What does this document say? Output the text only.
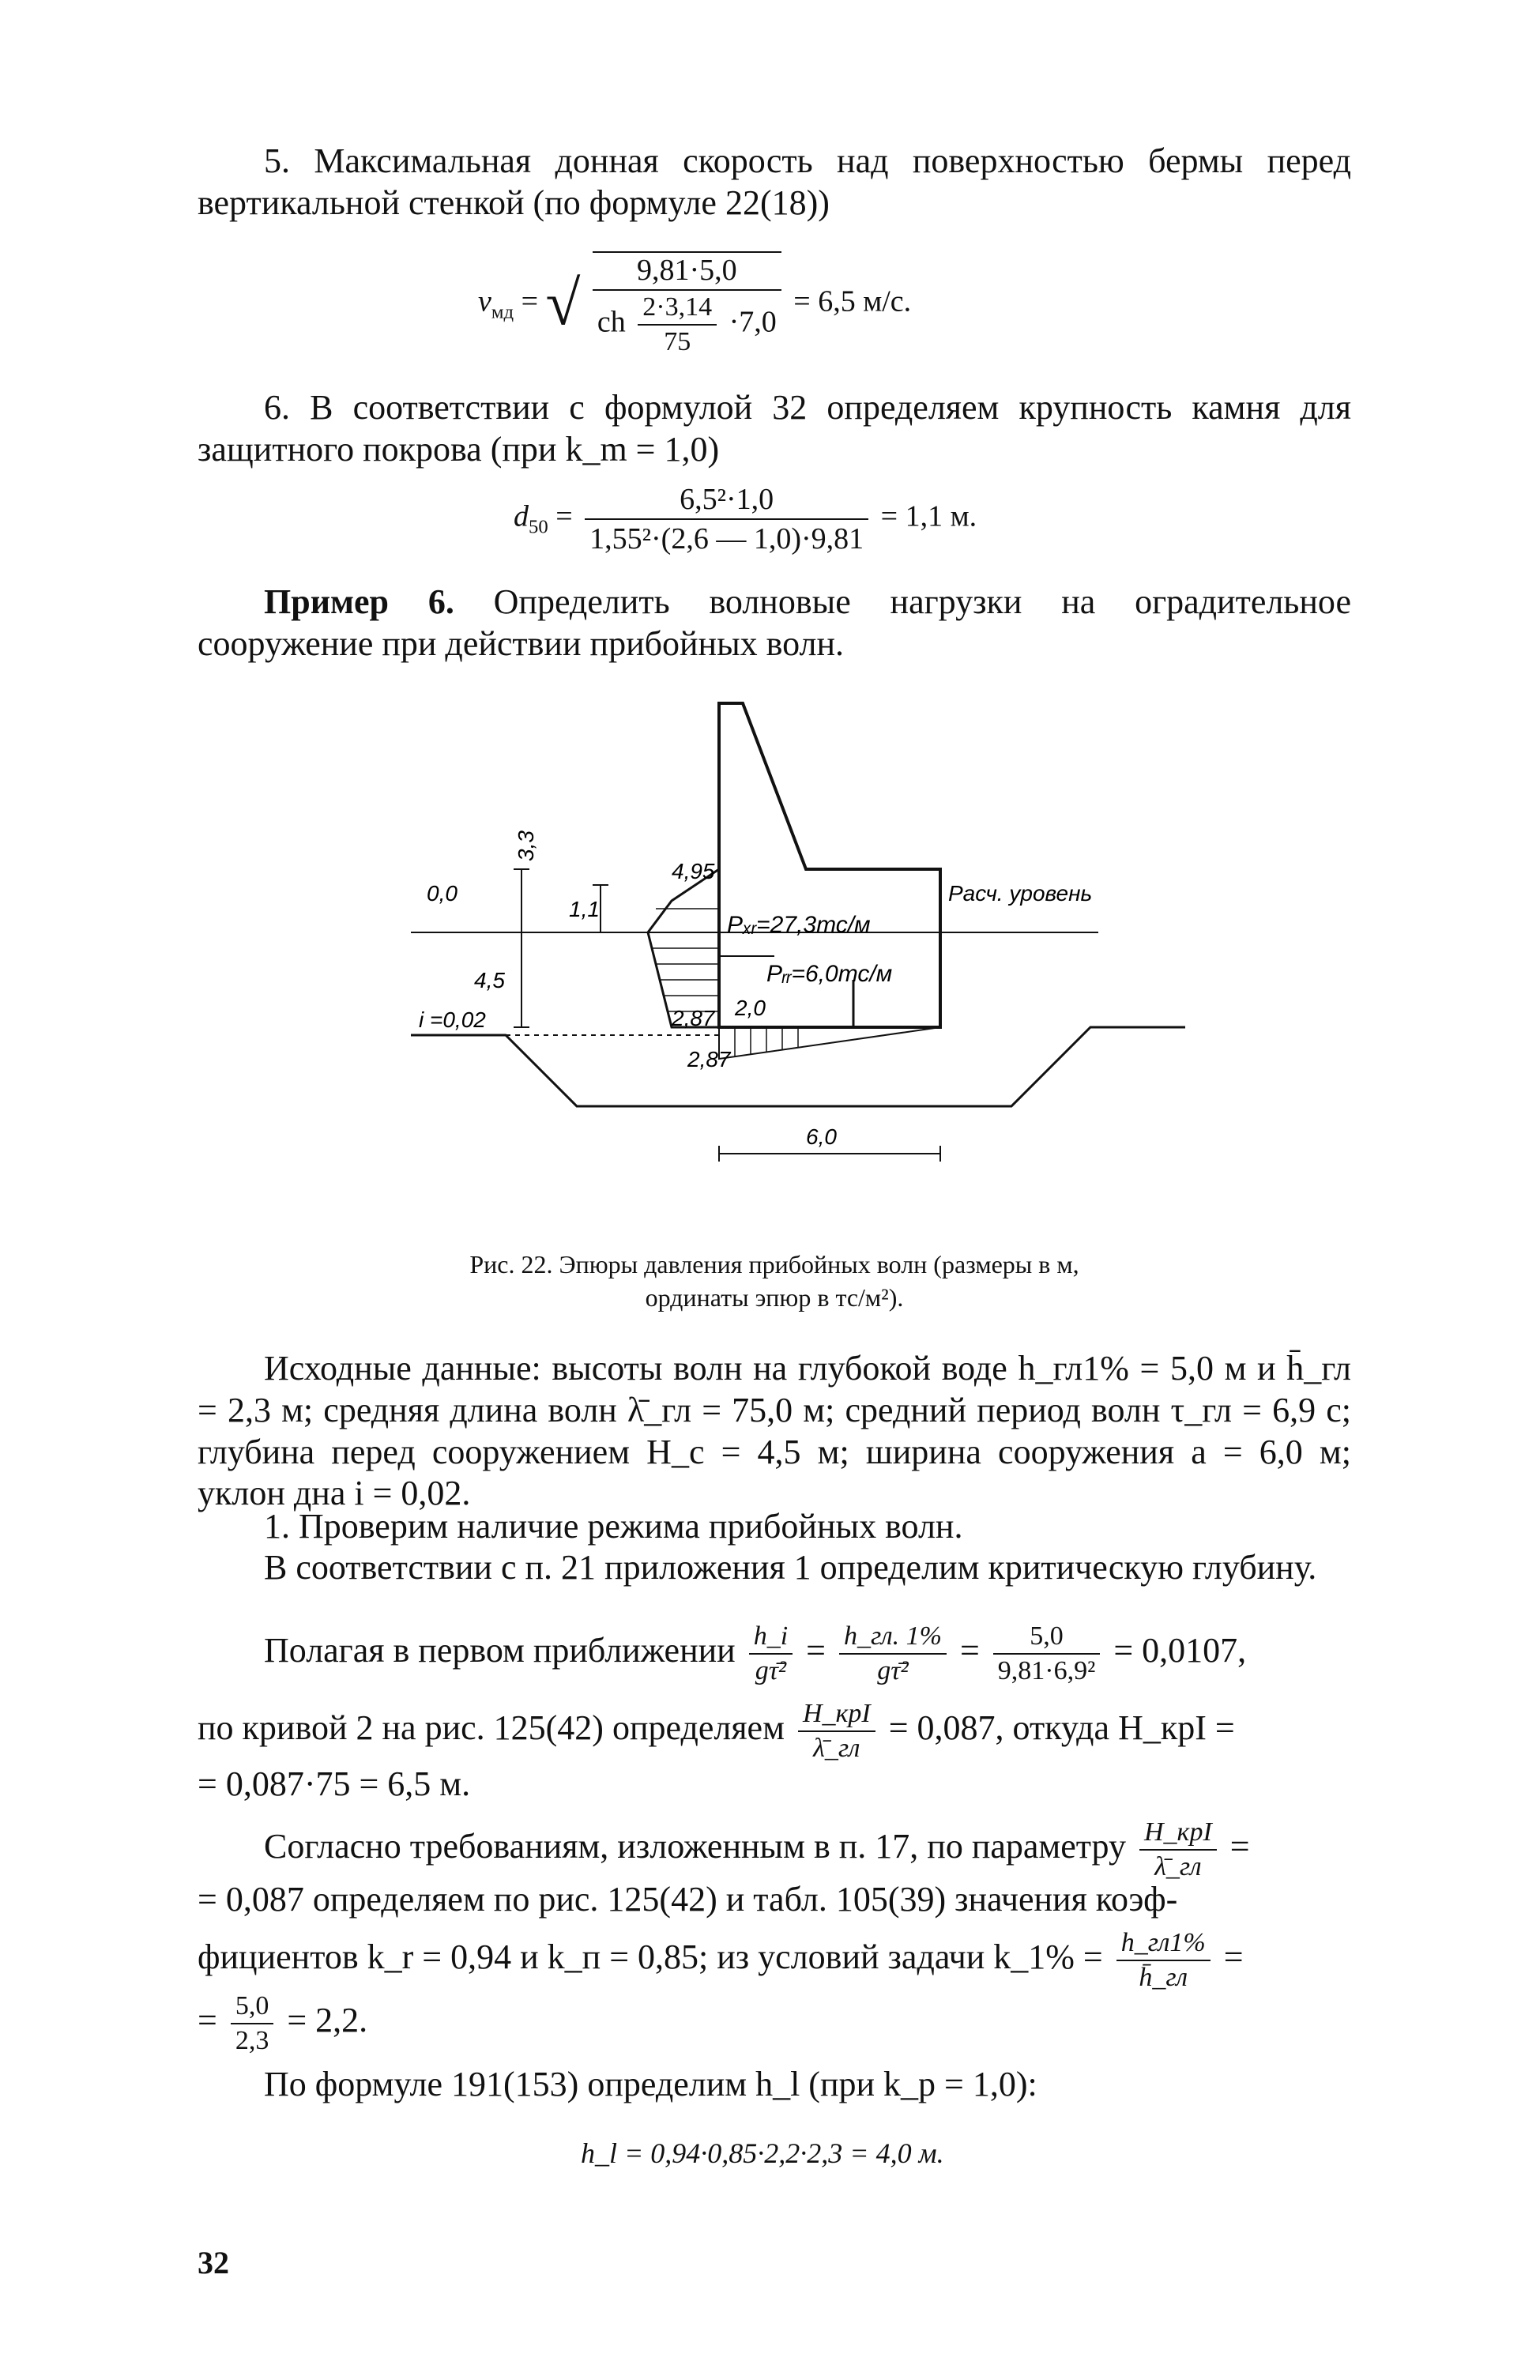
5. Максимальная донная скорость над поверхностью бермы перед вертикальной стенкой (по формуле 22(18))

$v_{мд}$ = √	9,81·5,0
ch $\frac{2\cdot 3,14}{75} \cdot 7,0$
= 6,5 м/с.

6. В соответствии с формулой 32 определяем крупность камня для защитного покрова (при k_m = 1,0)

$d_{50} = \frac{\text{6,5²·1,0}}{\text{1,55²·(2,6 — 1,0)·9,81}} = 1,1$ м.

Пример 6. Определить волновые нагрузки на оградительное сооружение при действии прибойных волн.

3,3
1,1
4,5
0,0
4,95
Pₓᵣ=27,3тс/м
Pᵣᵣ=6,0тс/м
2,0
2,87
2,87
i =0,02
Расч. уровень
6,0
Рис. 22. Эпюры давления прибойных волн (размеры в м,
ординаты эпюр в тс/м²).

Исходные данные: высоты волн на глубокой воде h_гл1% = 5,0 м и h̄_гл = 2,3 м; средняя длина волн λ̄_гл = 75,0 м; средний период волн τ_гл = 6,9 с; глубина перед сооружением H_c = 4,5 м; ширина сооружения a = 6,0 м; уклон дна i = 0,02.

1. Проверим наличие режима прибойных волн.

В соответствии с п. 21 приложения 1 определим критическую глубину.

Полагая в первом приближении $\frac{h\_i}{\text{gτ̄²}} = \frac{h\_гл. 1\%}{\text{gτ̄²}} = \frac{5,0}{\text{9,81·6,9²}} = 0,0107$,
по кривой 2 на рис. 125(42) определяем $\frac{\text{H\_крI}}{\lambdā\_гл} = 0,087$, откуда H_крI =
= 0,087·75 = 6,5 м.
Согласно требованиям, изложенным в п. 17, по параметру $\frac{\text{H\_крI}}{\lambdā\_гл}$ =
= 0,087 определяем по рис. 125(42) и табл. 105(39) значения коэф-
фициентов k_r = 0,94 и k_п = 0,85; из условий задачи k_1% = $\frac{h\_гл1\%}{h̄\_гл}$ =
= $\frac{5,0}{2,3} = 2,2$.

По формуле 191(153) определим h_l (при k_p = 1,0):

h_l = 0,94·0,85·2,2·2,3 = 4,0 м.
32
